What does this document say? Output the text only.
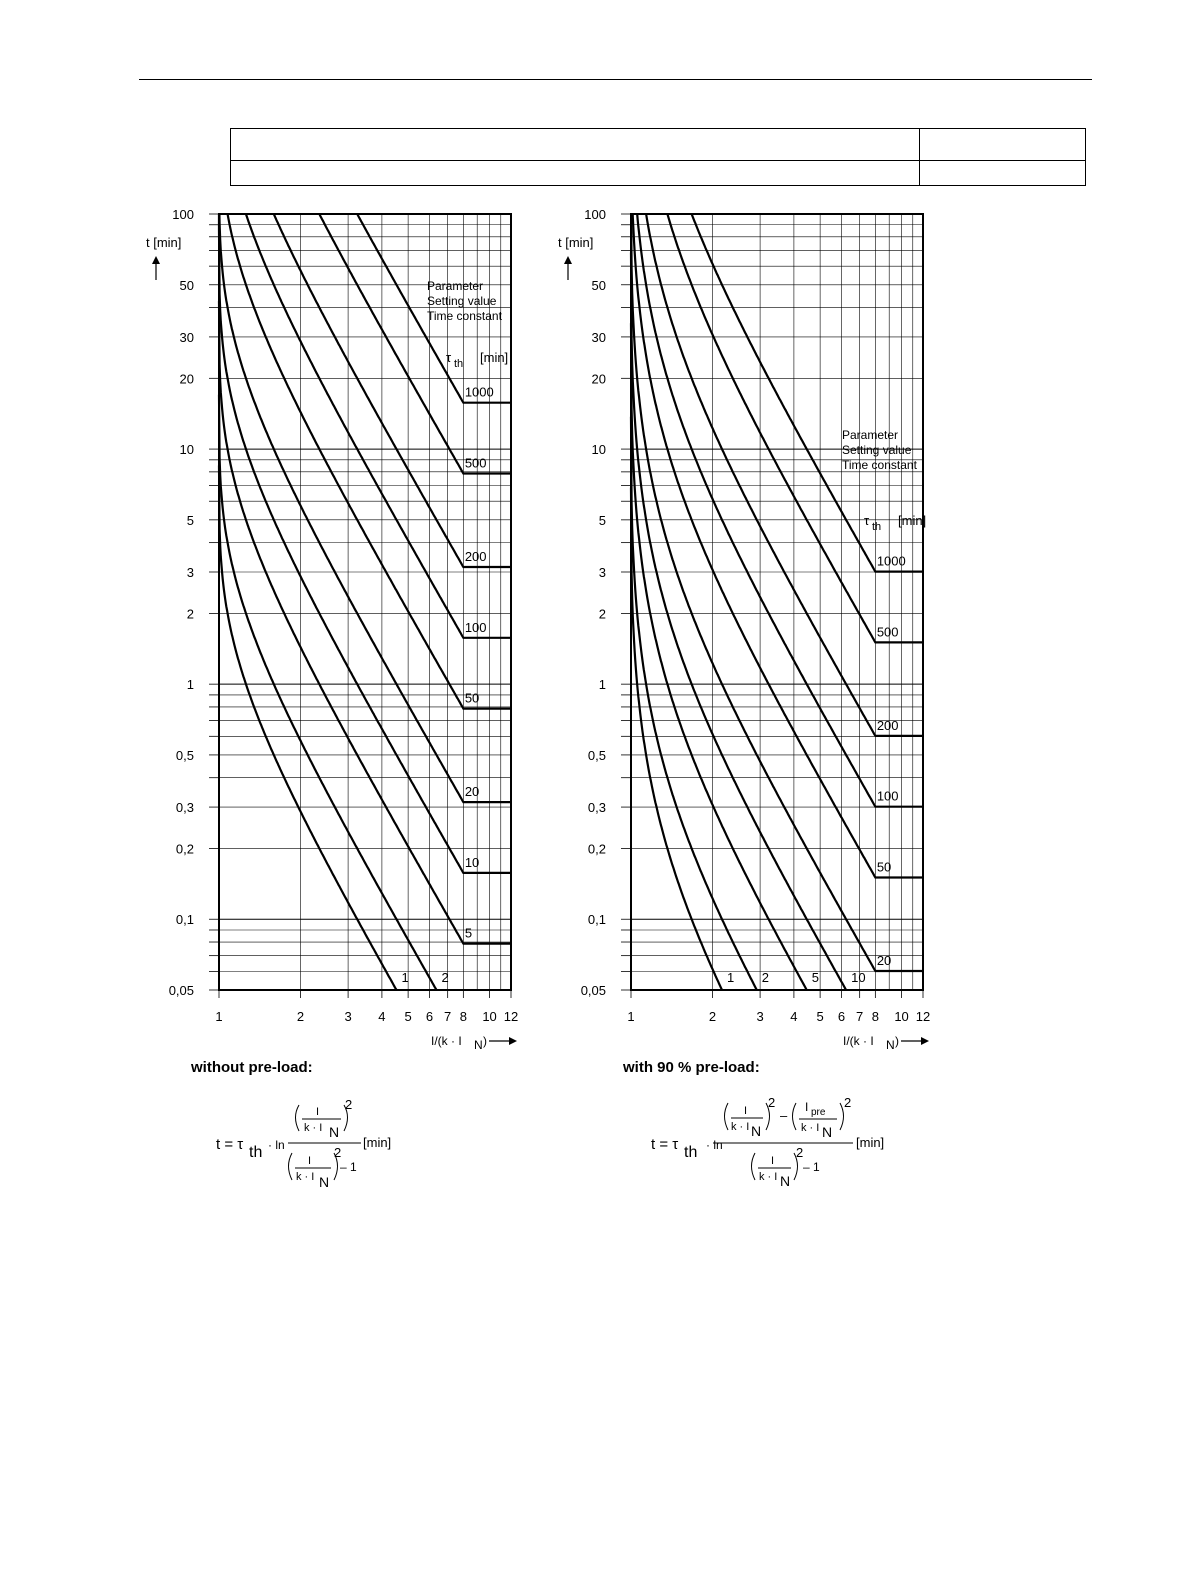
0,05
0,1
0,2
0,3
0,5
1
2
3
5
10
20
30
50
100
1	2	3 4 5 6 7 8 10 12
t [min]
I/(k · I N )
Parameter
Setting value
Time constant
τ th [min]
1	2
5
10
20
50
100
200
500
1000
0,05
0,1
0,2
0,3
0,5
1
2
3
5
10
20
30
50
100
1	2	3 4 5 6 7 8 10 12
t [min]
I/(k · I N )
Parameter
Setting value
Time constant
τ th [min]
1 2	5 10
20
50
100
200
500
1000
without pre-load:	with 90 % pre-load:
t = τ th · ln
I
k · I N
2
I
k · I N
2
– 1
[min]	t = τ th · ln
I
k · I N
2
–
I pre
k · I N
2
I
k · I N
2
– 1
[min]
